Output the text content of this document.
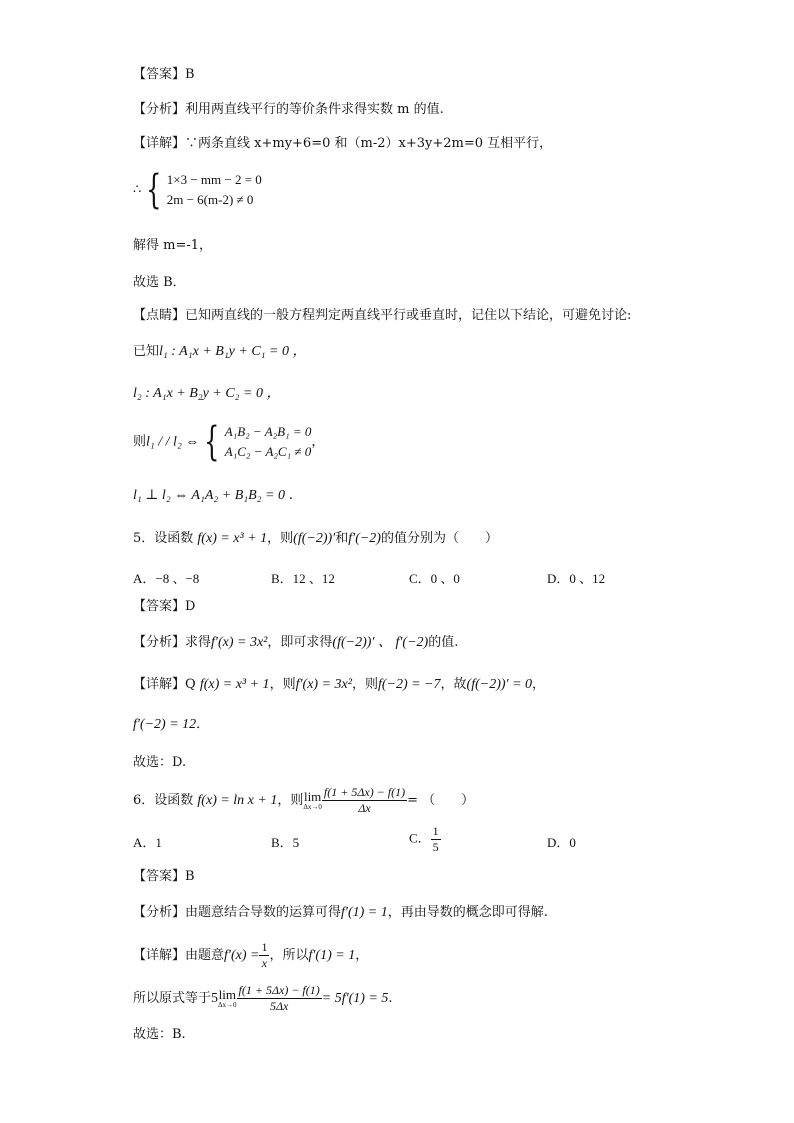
【答案】B
【分析】利用两直线平行的等价条件求得实数 m 的值.
【详解】∵两条直线 x+my+6=0 和（m-2）x+3y+2m=0 互相平行，
∴ { 1×3 − mm − 2 = 0
2m − 6(m-2) ≠ 0
解得 m=-1，
故选 B．
【点睛】已知两直线的一般方程判定两直线平行或垂直时，记住以下结论，可避免讨论:
已知l₁ : A₁x + B₁y + C₁ = 0 ，
l₂ : A₁x + B₂y + C₂ = 0 ，
则l₁ / / l₂ ⇔ { A₁B₂ − A₂B₁ = 0
A₁C₂ − A₂C₁ ≠ 0
，
l₁ ⊥ l₂ ⇔ A₁A₂ + B₁B₂ = 0 ．
5．设函数 f(x) = x³ + 1，则(f(−2))′和f′(−2)的值分别为（　　）
A．−8 、−8	B．12 、12	C．0 、0	D．0 、12
【答案】D
【分析】求得f′(x) = 3x²，即可求得(f(−2))′ 、 f′(−2)的值.
【详解】Q f(x) = x³ + 1，则f′(x) = 3x²，则f(−2) = −7，故(f(−2))′ = 0，
f′(−2) = 12．
故选：D.
6．设函数 f(x) = ln x + 1，则 lim
$\Delta x\to 0 \frac{f(1 + 5\Delta x) - f(1)}{\Delta x}$ = （　　）
A．1	B．5	C． $\frac{1}{5}$	D．0
【答案】B
【分析】由题意结合导数的运算可得f′(1) = 1，再由导数的概念即可得解.
【详解】由题意$f'(x) = \frac{1}{x}$ ，所以f′(1) = 1，
所以原式等于5 lim
$\Delta x\to 0 \frac{f(1 + 5\Delta x) - f(1)}{5\Delta x} = 5f'(1) = 5$.
故选：B.
